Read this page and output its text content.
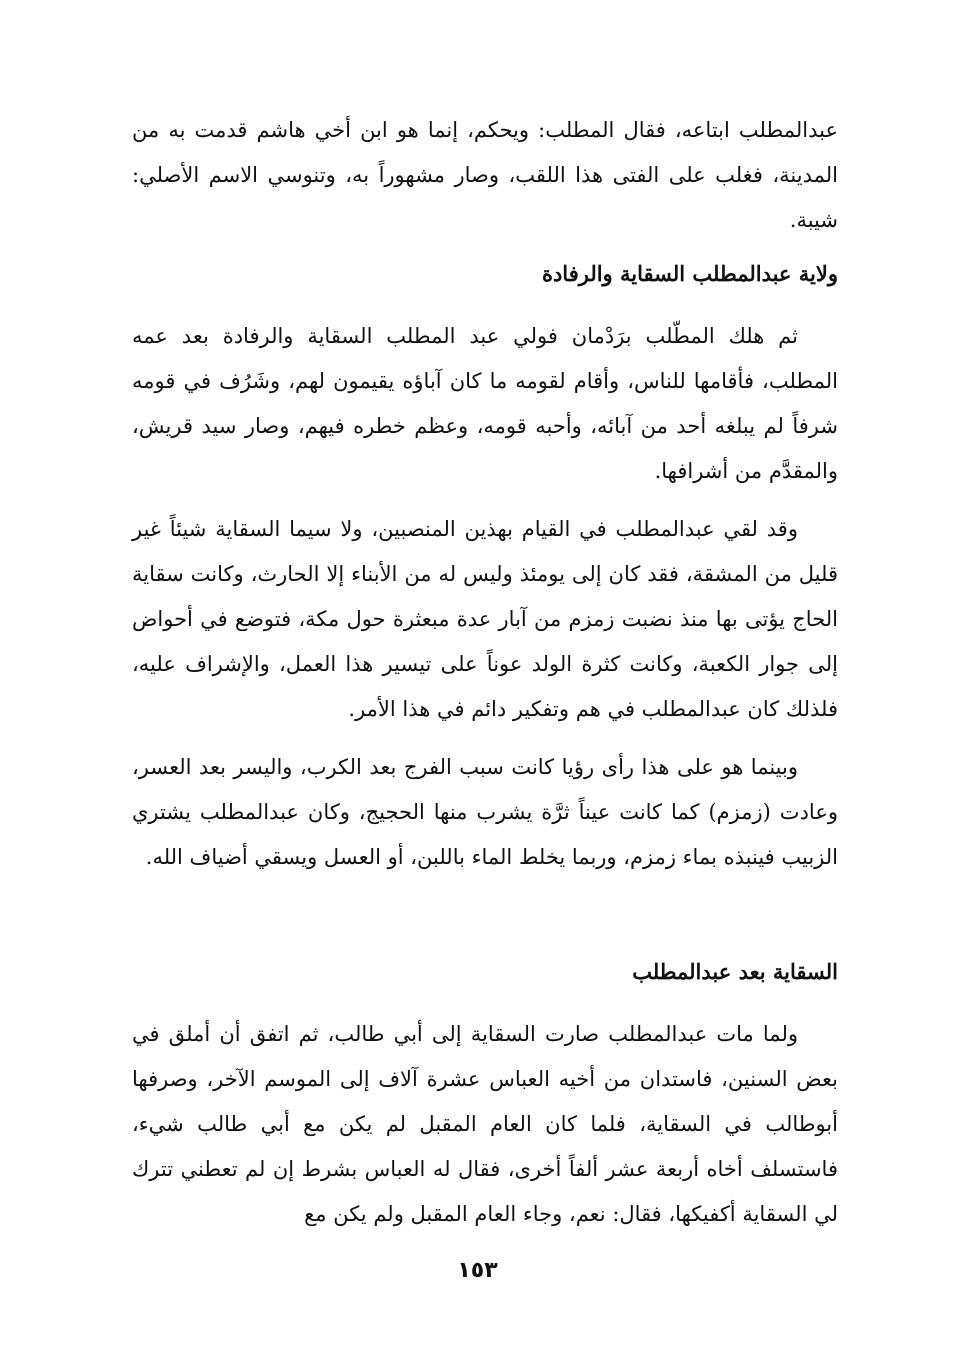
عبدالمطلب ابتاعه، فقال المطلب: ويحكم، إنما هو ابن أخي هاشم قدمت به من المدينة، فغلب على الفتى هذا اللقب، وصار مشهوراً به، وتنوسي الاسم الأصلي: شيبة.

ولاية عبدالمطلب السقاية والرفادة

ثم هلك المطّلب برَدْمان فولي عبد المطلب السقاية والرفادة بعد عمه المطلب، فأقامها للناس، وأقام لقومه ما كان آباؤه يقيمون لهم، وشَرُف في قومه شرفاً لم يبلغه أحد من آبائه، وأحبه قومه، وعظم خطره فيهم، وصار سيد قريش، والمقدَّم من أشرافها.

وقد لقي عبدالمطلب في القيام بهذين المنصبين، ولا سيما السقاية شيئاً غير قليل من المشقة، فقد كان إلى يومئذ وليس له من الأبناء إلا الحارث، وكانت سقاية الحاج يؤتى بها منذ نضبت زمزم من آبار عدة مبعثرة حول مكة، فتوضع في أحواض إلى جوار الكعبة، وكانت كثرة الولد عوناً على تيسير هذا العمل، والإشراف عليه، فلذلك كان عبدالمطلب في هم وتفكير دائم في هذا الأمر.

وبينما هو على هذا رأى رؤيا كانت سبب الفرج بعد الكرب، واليسر بعد العسر، وعادت (زمزم) كما كانت عيناً ثرَّة يشرب منها الحجيج، وكان عبدالمطلب يشتري الزبيب فينبذه بماء زمزم، وربما يخلط الماء باللبن، أو العسل ويسقي أضياف الله.

السقاية بعد عبدالمطلب

ولما مات عبدالمطلب صارت السقاية إلى أبي طالب، ثم اتفق أن أملق في بعض السنين، فاستدان من أخيه العباس عشرة آلاف إلى الموسم الآخر، وصرفها أبوطالب في السقاية، فلما كان العام المقبل لم يكن مع أبي طالب شيء، فاستسلف أخاه أربعة عشر ألفاً أخرى، فقال له العباس بشرط إن لم تعطني تترك لي السقاية أكفيكها، فقال: نعم، وجاء العام المقبل ولم يكن مع

١٥٣
